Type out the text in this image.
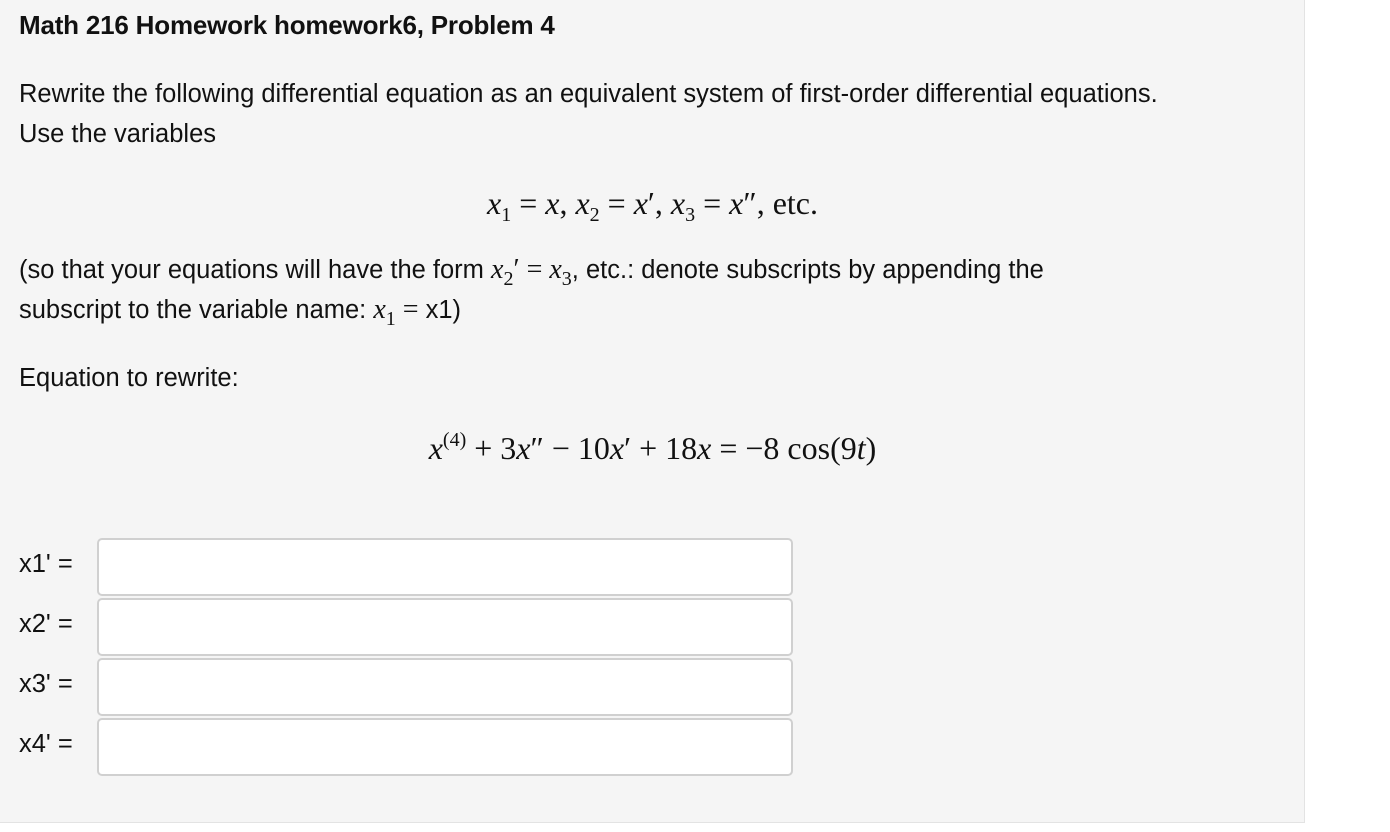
Math 216 Homework homework6, Problem 4
Rewrite the following differential equation as an equivalent system of first-order differential equations.
Use the variables
$x_1 = x$, $x_2 = x'$, $x_3 = x''$, etc.
(so that your equations will have the form $x_2' = x_3$, etc.: denote subscripts by appending the
subscript to the variable name: $x_1 = x1$)
Equation to rewrite:
$x^{(4)} + 3x'' - 10x' + 18x = -8$ cos(9t)
x1' =
x2' =
x3' =
x4' =
